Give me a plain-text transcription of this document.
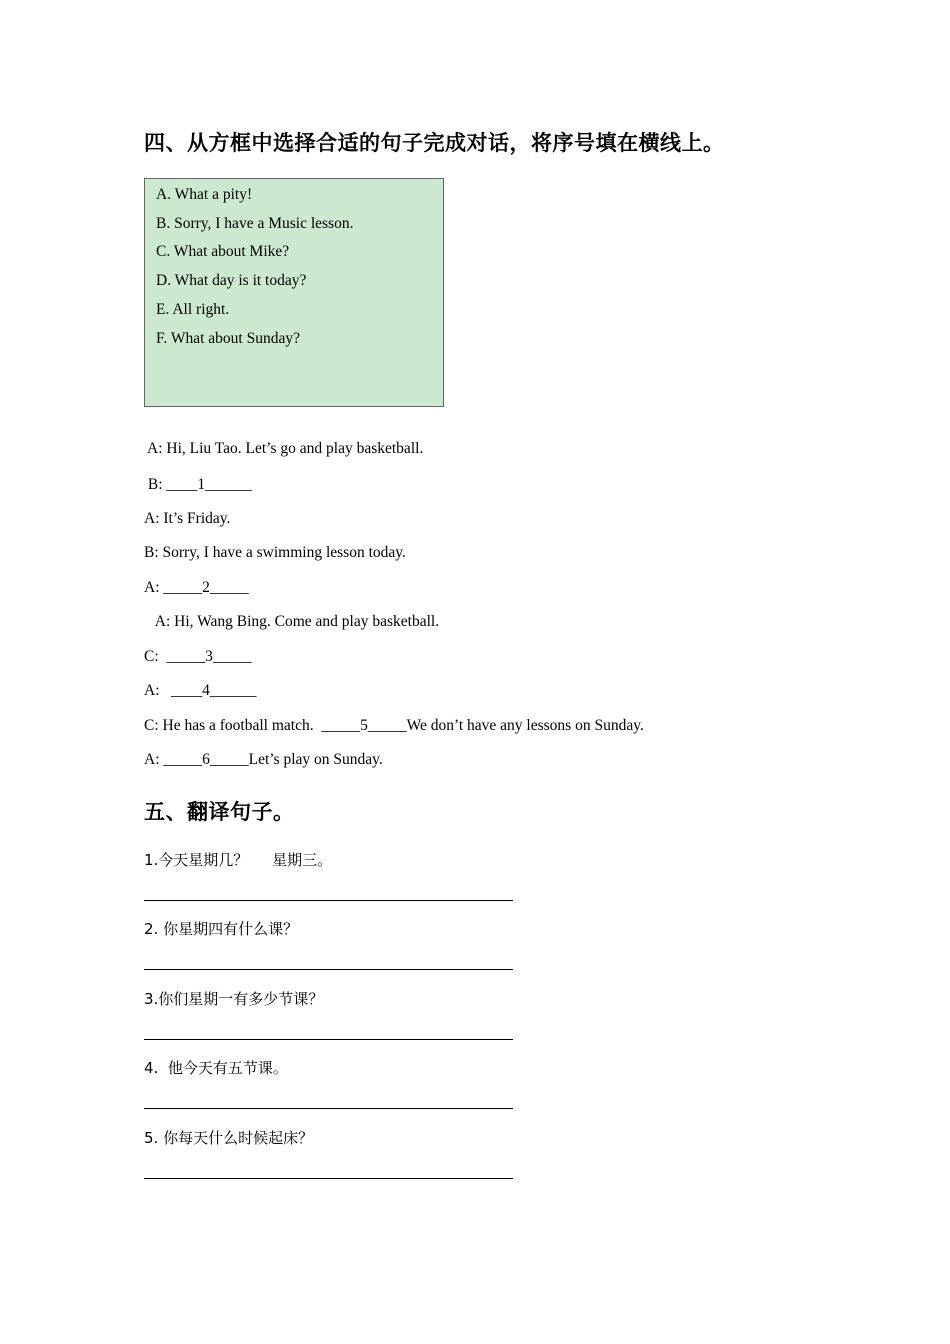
四、从方框中选择合适的句子完成对话，将序号填在横线上。
A. What a pity!
B. Sorry, I have a Music lesson.
C. What about Mike?
D. What day is it today?
E. All right.
F. What about Sunday?
A: Hi, Liu Tao. Let’s go and play basketball.
B: ____1______
A: It’s Friday.
B: Sorry, I have a swimming lesson today.
A: _____2_____
A: Hi, Wang Bing. Come and play basketball.
C:  _____3_____
A:   ____4______
C: He has a football match.  _____5_____We don’t have any lessons on Sunday.
A: _____6_____Let’s play on Sunday.
五、翻译句子。
1.今天星期几？     星期三。
2. 你星期四有什么课？
3.你们星期一有多少节课？
4.  他今天有五节课。
5. 你每天什么时候起床？
